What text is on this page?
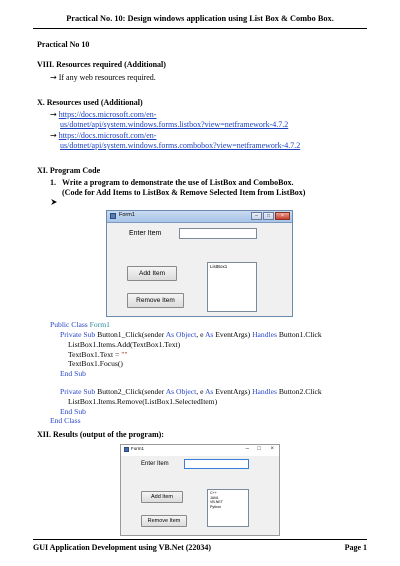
Practical No. 10: Design windows application using List Box & Combo Box.
Practical No 10
VIII. Resources required (Additional)
→ If any web resources required.
X. Resources used (Additional)
→ https://docs.microsoft.com/en-
us/dotnet/api/system.windows.forms.listbox?view=netframework-4.7.2
→ https://docs.microsoft.com/en-
us/dotnet/api/system.windows.forms.combobox?view=netframework-4.7.2
XI. Program Code
1. Write a program to demonstrate the use of ListBox and ComboBox.
(Code for Add Items to ListBox & Remove Selected Item from ListBox)
Form1	–	□	×
Enter Item
Add Item
Remove Item
ListBox1
Public Class Form1
Private Sub Button1_Click(sender As Object, e As EventArgs) Handles Button1.Click
ListBox1.Items.Add(TextBox1.Text)
TextBox1.Text = ""
TextBox1.Focus()
End Sub
Private Sub Button2_Click(sender As Object, e As EventArgs) Handles Button2.Click
ListBox1.Items.Remove(ListBox1.SelectedItem)
End Sub
End Class
XII. Results (output of the program):
Form1	– □ ×
Enter Item
Add Item
Remove Item
C++
JAVA
VB.NET
Python
GUI Application Development using VB.Net (22034)	Page 1
